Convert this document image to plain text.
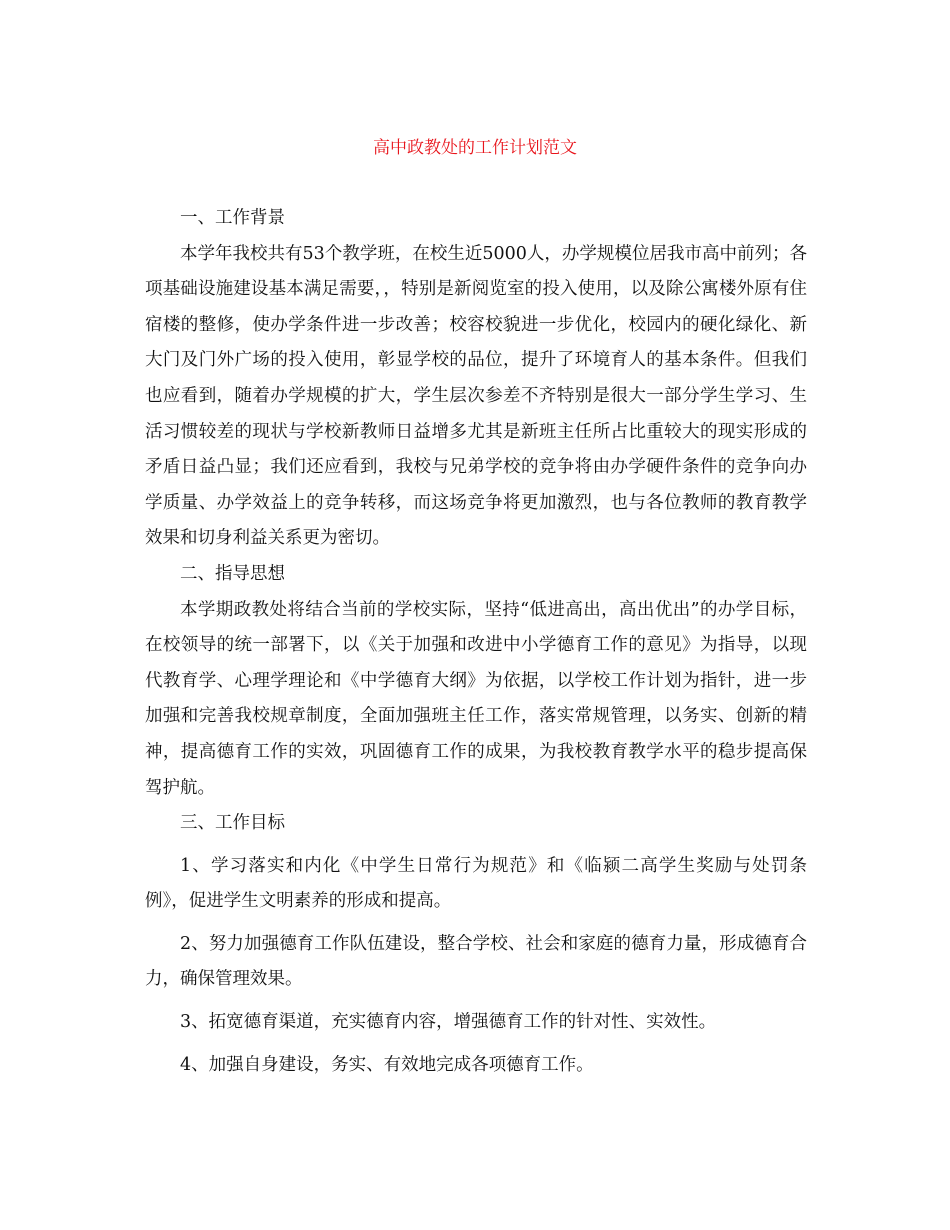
高中政教处的工作计划范文

一、工作背景

本学年我校共有53个教学班，在校生近5000人，办学规模位居我市高中前列；各项基础设施建设基本满足需要，，特别是新阅览室的投入使用，以及除公寓楼外原有住宿楼的整修，使办学条件进一步改善；校容校貌进一步优化，校园内的硬化绿化、新大门及门外广场的投入使用，彰显学校的品位，提升了环境育人的基本条件。但我们也应看到，随着办学规模的扩大，学生层次参差不齐特别是很大一部分学生学习、生活习惯较差的现状与学校新教师日益增多尤其是新班主任所占比重较大的现实形成的矛盾日益凸显；我们还应看到，我校与兄弟学校的竞争将由办学硬件条件的竞争向办学质量、办学效益上的竞争转移，而这场竞争将更加激烈，也与各位教师的教育教学效果和切身利益关系更为密切。

二、指导思想

本学期政教处将结合当前的学校实际，坚持“低进高出，高出优出”的办学目标，在校领导的统一部署下，以《关于加强和改进中小学德育工作的意见》为指导，以现代教育学、心理学理论和《中学德育大纲》为依据，以学校工作计划为指针，进一步加强和完善我校规章制度，全面加强班主任工作，落实常规管理，以务实、创新的精神，提高德育工作的实效，巩固德育工作的成果，为我校教育教学水平的稳步提高保驾护航。

三、工作目标

1、学习落实和内化《中学生日常行为规范》和《临颍二高学生奖励与处罚条例》，促进学生文明素养的形成和提高。

2、努力加强德育工作队伍建设，整合学校、社会和家庭的德育力量，形成德育合力，确保管理效果。

3、拓宽德育渠道，充实德育内容，增强德育工作的针对性、实效性。

4、加强自身建设，务实、有效地完成各项德育工作。
